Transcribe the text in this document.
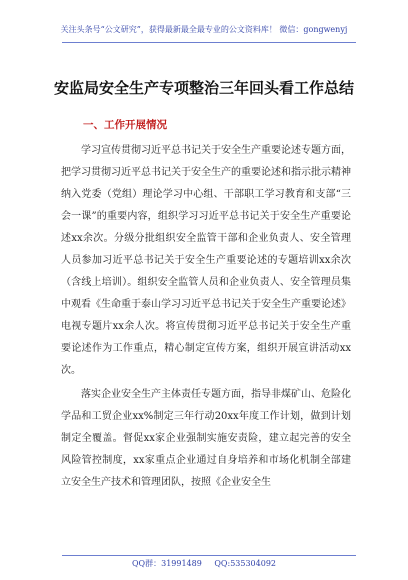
关注头条号“公文研究”，获得最新最全最专业的公文资料库！ 微信：gongwenyj
安监局安全生产专项整治三年回头看工作总结
一、工作开展情况

学习宣传贯彻习近平总书记关于安全生产重要论述专题方面，把学习贯彻习近平总书记关于安全生产的重要论述和指示批示精神纳入党委（党组）理论学习中心组、干部职工学习教育和支部“三会一课”的重要内容，组织学习习近平总书记关于安全生产重要论述xx余次。分级分批组织安全监管干部和企业负责人、安全管理人员参加习近平总书记关于安全生产重要论述的专题培训xx余次（含线上培训）。组织安全监管人员和企业负责人、安全管理员集中观看《生命重于泰山学习习近平总书记关于安全生产重要论述》电视专题片xx余人次。将宣传贯彻习近平总书记关于安全生产重要论述作为工作重点，精心制定宣传方案，组织开展宣讲活动xx次。

落实企业安全生产主体责任专题方面，指导非煤矿山、危险化学品和工贸企业xx%制定三年行动20xx年度工作计划，做到计划制定全覆盖。督促xx家企业强制实施安责险，建立起完善的安全风险管控制度，xx家重点企业通过自身培养和市场化机制全部建立安全生产技术和管理团队，按照《企业安全生

QQ群：31991489 QQ:535304092
